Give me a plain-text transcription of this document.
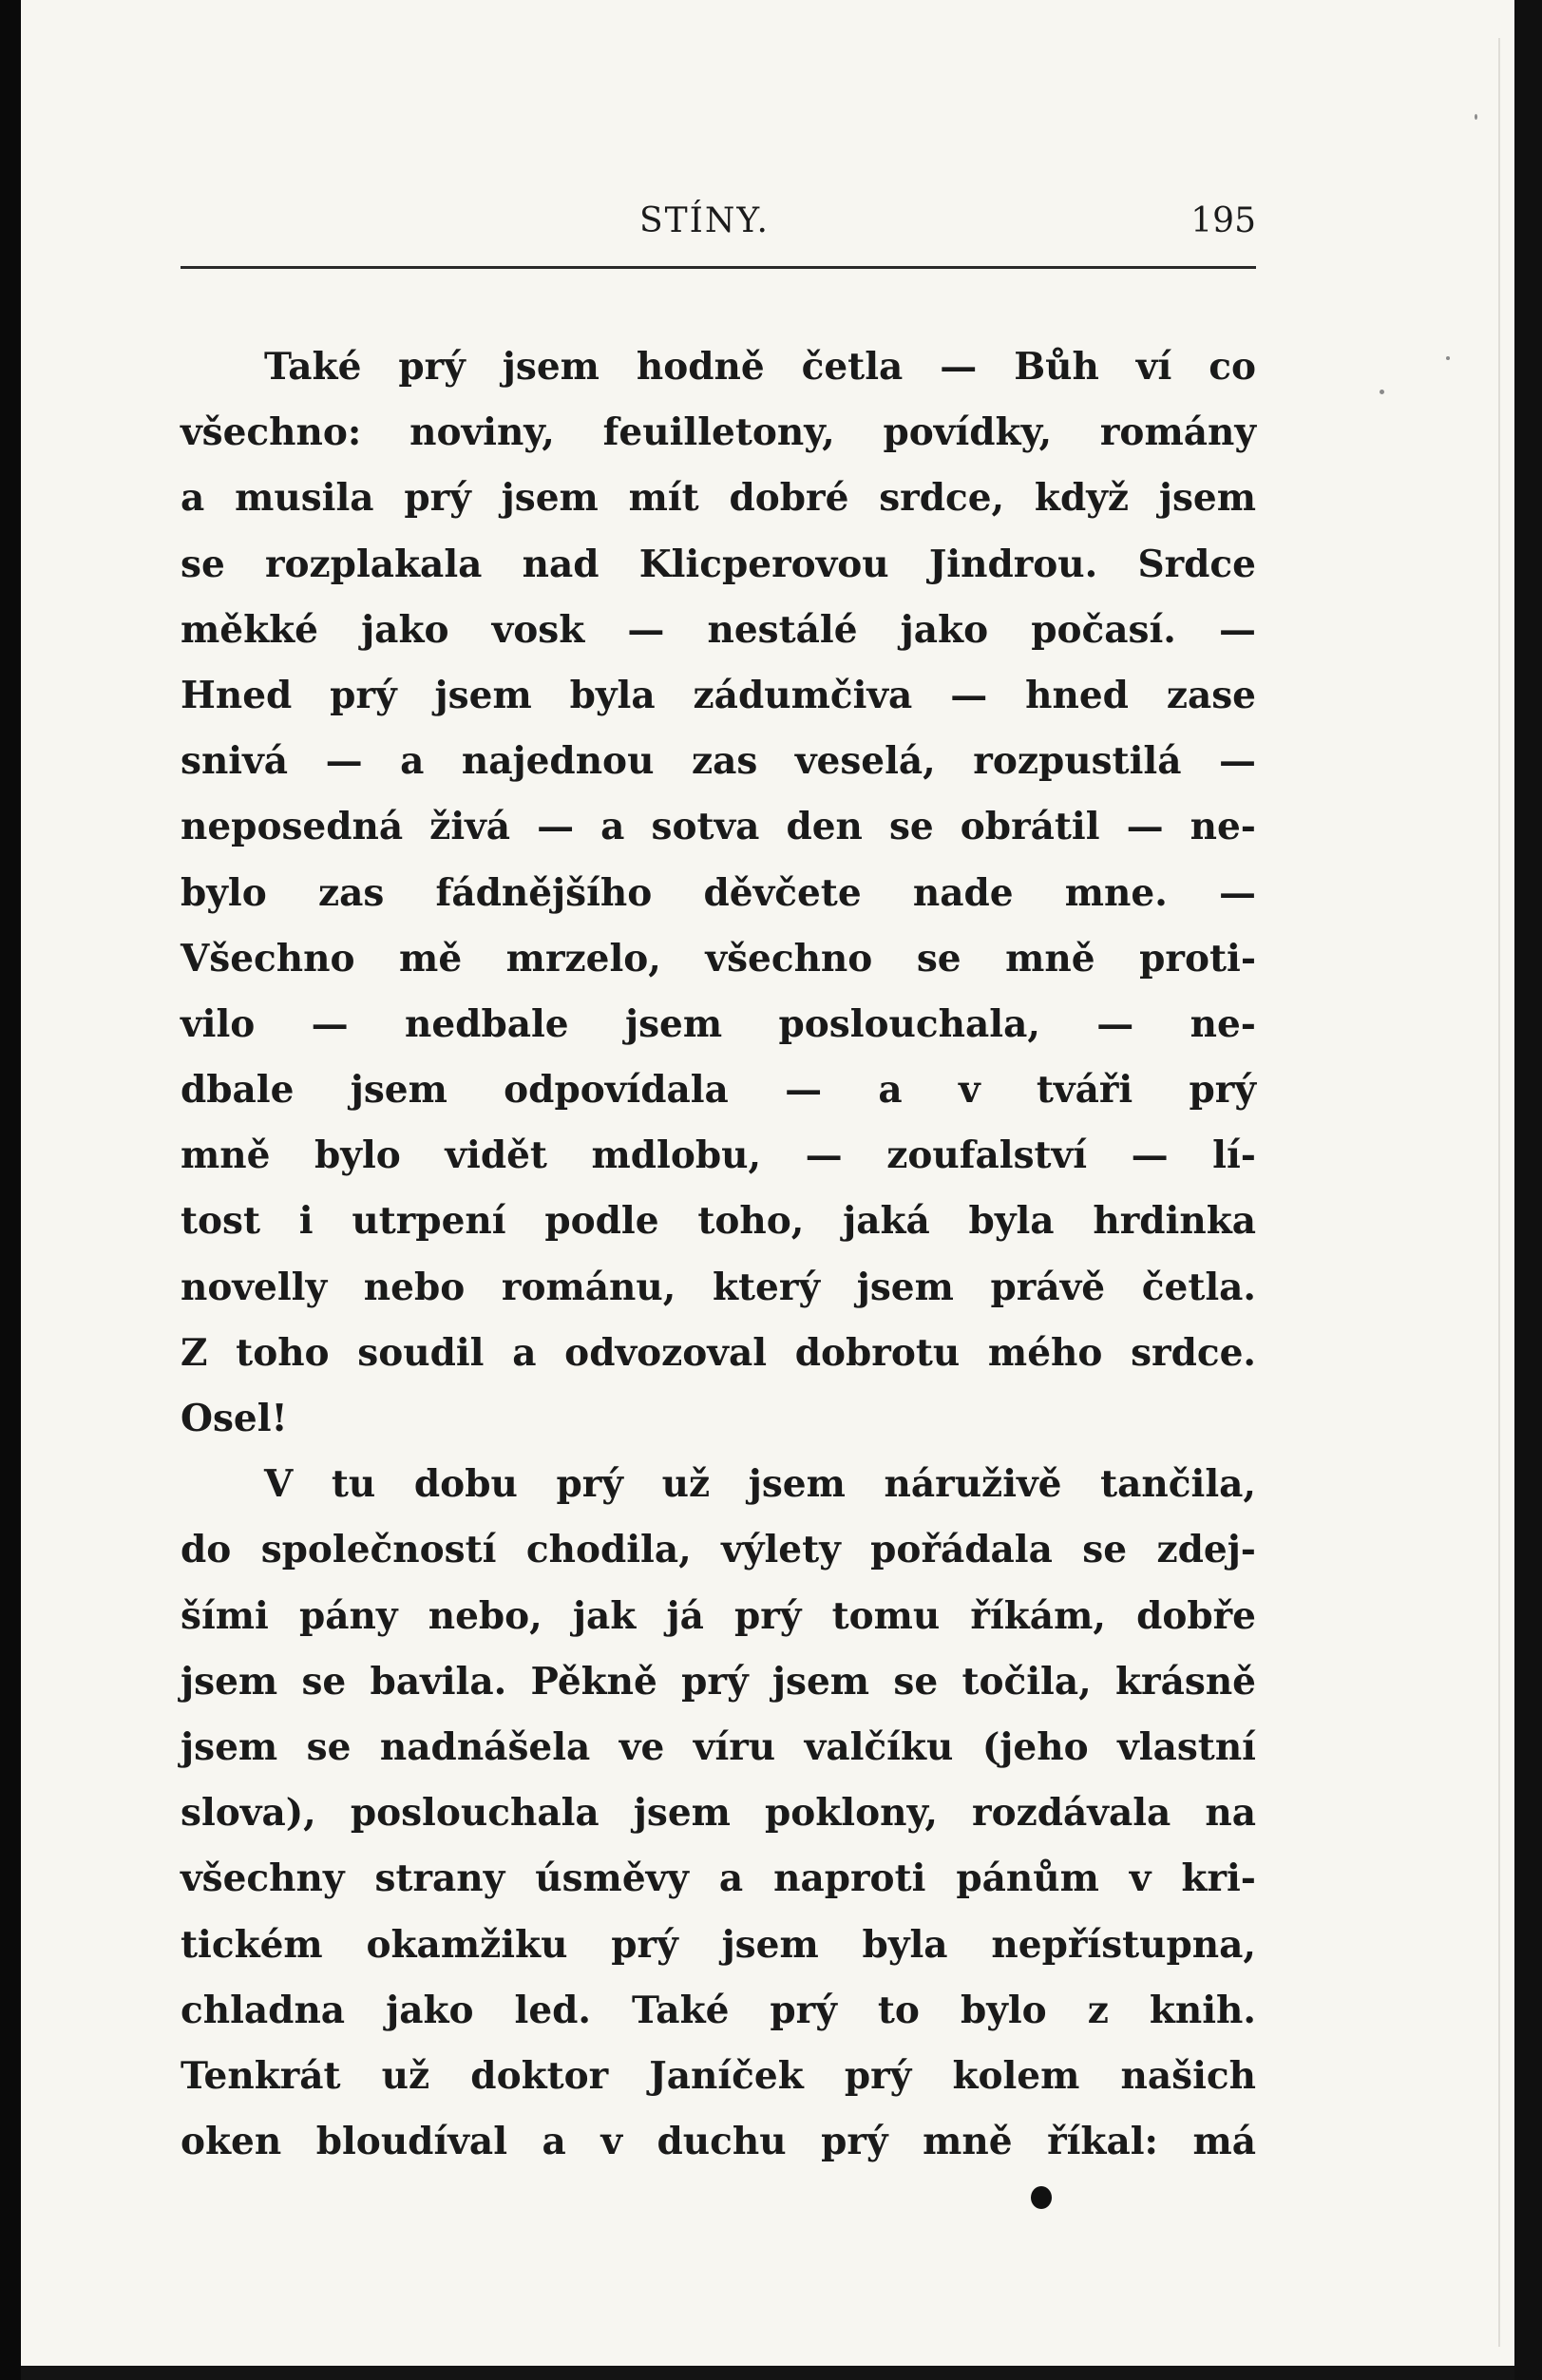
STÍNY.	195
Také prý jsem hodně četla — Bůh ví co
všechno: noviny, feuilletony, povídky, romány
a musila prý jsem mít dobré srdce, když jsem
se rozplakala nad Klicperovou Jindrou. Srdce
měkké jako vosk — nestálé jako počasí. —
Hned prý jsem byla zádumčiva — hned zase
snivá — a najednou zas veselá, rozpustilá —
neposedná živá — a sotva den se obrátil — ne-
bylo zas fádnějšího děvčete nade mne. —
Všechno mě mrzelo, všechno se mně proti-
vilo — nedbale jsem poslouchala, — ne-
dbale jsem odpovídala — a v tváři prý
mně bylo vidět mdlobu, — zoufalství — lí-
tost i utrpení podle toho, jaká byla hrdinka
novelly nebo románu, který jsem právě četla.
Z toho soudil a odvozoval dobrotu mého srdce.
Osel!
V tu dobu prý už jsem náruživě tančila,
do společností chodila, výlety pořádala se zdej-
šími pány nebo, jak já prý tomu říkám, dobře
jsem se bavila. Pěkně prý jsem se točila, krásně
jsem se nadnášela ve víru valčíku (jeho vlastní
slova), poslouchala jsem poklony, rozdávala na
všechny strany úsměvy a naproti pánům v kri-
tickém okamžiku prý jsem byla nepřístupna,
chladna jako led. Také prý to bylo z knih.
Tenkrát už doktor Janíček prý kolem našich
oken bloudíval a v duchu prý mně říkal: má
